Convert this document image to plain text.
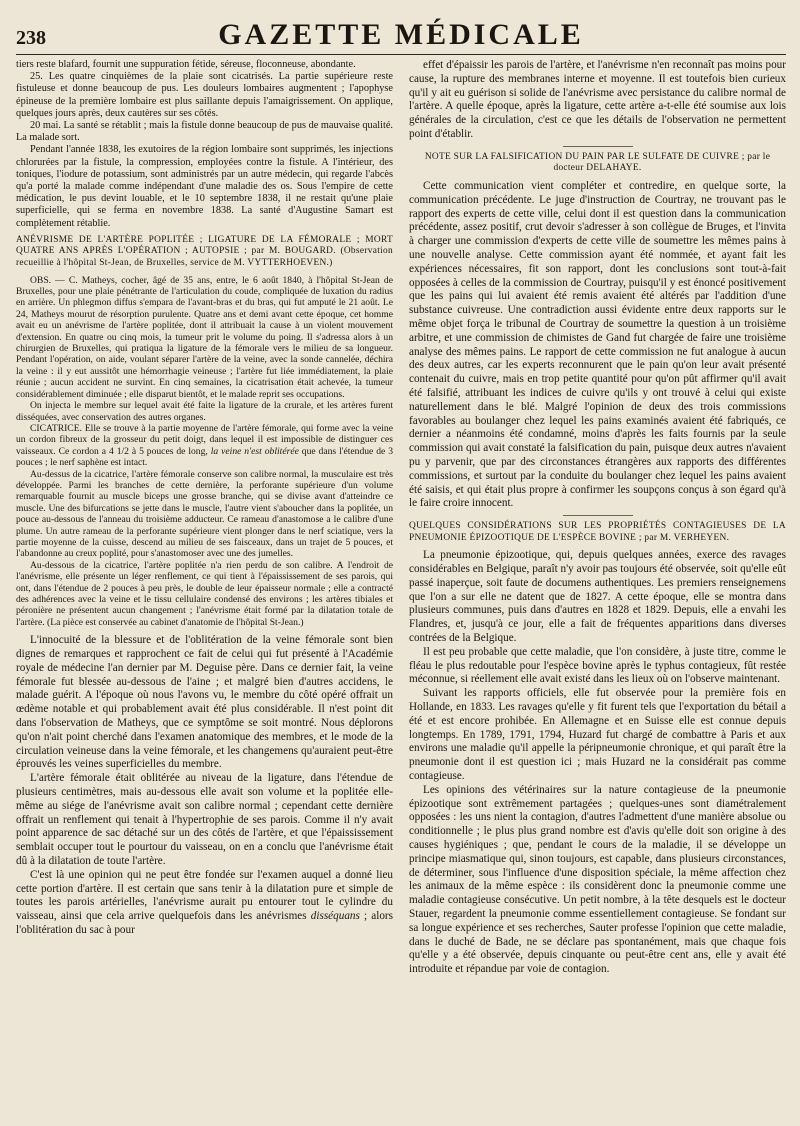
238	GAZETTE MÉDICALE

tiers reste blafard, fournit une suppuration fétide, séreuse, floconneuse, abondante.

25. Les quatre cinquièmes de la plaie sont cicatrisés. La partie supérieure reste fistuleuse et donne beaucoup de pus. Les douleurs lombaires augmentent ; l'apophyse épineuse de la première lombaire est plus saillante depuis l'amaigrissement. On applique, quelques jours après, deux cautères sur ses côtés.

20 mai. La santé se rétablit ; mais la fistule donne beaucoup de pus de mauvaise qualité. La malade sort.

Pendant l'année 1838, les exutoires de la région lombaire sont supprimés, les injections chlorurées par la fistule, la compression, employées contre la fistule. A l'intérieur, des toniques, l'iodure de potassium, sont administrés par un autre médecin, qui regarde l'abcès qu'a porté la malade comme indépendant d'une maladie des os. Sous l'empire de cette médication, le pus devint louable, et le 10 septembre 1838, il ne restait qu'une plaie superficielle, qui se ferma en novembre 1838. La santé d'Augustine Samart est complètement rétablie.

ANÉVRISME DE L'ARTÈRE POPLITÉE ; LIGATURE DE LA FÉMORALE ; MORT QUATRE ANS APRÈS L'OPÉRATION ; AUTOPSIE ; par M. BOUGARD. (Observation recueillie à l'hôpital St-Jean, de Bruxelles, service de M. VYTTERHOEVEN.)

OBS. — C. Matheys, cocher, âgé de 35 ans, entre, le 6 août 1840, à l'hôpital St-Jean de Bruxelles, pour une plaie pénétrante de l'articulation du coude, compliquée de luxation du radius en arrière. Un phlegmon diffus s'empara de l'avant-bras et du bras, qui fut amputé le 21 août. Le 24, Matheys mourut de résorption purulente. Quatre ans et demi avant cette époque, cet homme avait eu un anévrisme de l'artère poplitée, dont il attribuait la cause à un violent mouvement d'extension. En quatre ou cinq mois, la tumeur prit le volume du poing. Il s'adressa alors à un chirurgien de Bruxelles, qui pratiqua la ligature de la fémorale vers le milieu de sa longueur. Pendant l'opération, on aide, voulant séparer l'artère de la veine, avec la sonde cannelée, déchira la veine : il y eut aussitôt une hémorrhagie veineuse ; l'artère fut liée immédiatement, la plaie réunie ; aucun accident ne survint. En cinq semaines, la cicatrisation était achevée, la tumeur considérablement diminuée ; elle disparut bientôt, et le malade reprit ses occupations.

On injecta le membre sur lequel avait été faite la ligature de la crurale, et les artères furent disséquées, avec conservation des autres organes.

CICATRICE. Elle se trouve à la partie moyenne de l'artère fémorale, qui forme avec la veine un cordon fibreux de la grosseur du petit doigt, dans lequel il est impossible de distinguer ces vaisseaux. Ce cordon a 4 1/2 à 5 pouces de long, la veine n'est oblitérée que dans l'étendue de 3 pouces ; le nerf saphène est intact.

Au-dessus de la cicatrice, l'artère fémorale conserve son calibre normal, la musculaire est très développée. Parmi les branches de cette dernière, la perforante supérieure d'un volume remarquable fournit au muscle biceps une grosse branche, qui se divise avant d'atteindre ce muscle. Une des bifurcations se jette dans le muscle, l'autre vient s'aboucher dans la poplitée, un pouce au-dessous de l'anneau du troisième adducteur. Ce rameau d'anastomose a le calibre d'une plume. Un autre rameau de la perforante supérieure vient plonger dans le nerf sciatique, vers la partie moyenne de la cuisse, descend au milieu de ses faisceaux, dans un trajet de 5 pouces, et l'abandonne au creux poplité, pour s'anastomoser avec une des jumelles.

Au-dessous de la cicatrice, l'artère poplitée n'a rien perdu de son calibre. A l'endroit de l'anévrisme, elle présente un léger renflement, ce qui tient à l'épaississement de ses parois, qui ont, dans l'étendue de 2 pouces à peu près, le double de leur épaisseur normale ; elle a contracté des adhérences avec la veine et le tissu cellulaire condensé des environs ; les artères tibiales et péronière ne présentent aucun changement ; l'anévrisme était formé par la dilatation totale de l'artère. (La pièce est conservée au cabinet d'anatomie de l'hôpital St-Jean.)

L'innocuité de la blessure et de l'oblitération de la veine fémorale sont bien dignes de remarques et rapprochent ce fait de celui qui fut présenté à l'Académie royale de médecine l'an dernier par M. Deguise père. Dans ce dernier fait, la veine fémorale fut blessée au-dessous de l'aine ; et malgré bien d'autres accidens, le malade guérit. A l'époque où nous l'avons vu, le membre du côté opéré offrait un œdème notable et qui probablement avait été plus considérable. Il n'est point dit dans l'observation de Matheys, que ce symptôme se soit montré. Nous déplorons qu'on n'ait point cherché dans l'examen anatomique des membres, et le mode de la circulation veineuse dans la veine fémorale, et les changemens qu'auraient peut-être éprouvés les veines superficielles du membre.

L'artère fémorale était oblitérée au niveau de la ligature, dans l'étendue de plusieurs centimètres, mais au-dessous elle avait son volume et la poplitée elle-même au siége de l'anévrisme avait son calibre normal ; cependant cette dernière offrait un renflement qui tenait à l'hypertrophie de ses parois. Comme il n'y avait point apparence de sac détaché sur un des côtés de l'artère, et que l'épaississement semblait occuper tout le pourtour du vaisseau, on en a conclu que l'anévrisme était dû à la dilatation de toute l'artère.

C'est là une opinion qui ne peut être fondée sur l'examen auquel a donné lieu cette portion d'artère. Il est certain que sans tenir à la dilatation pure et simple de toutes les parois artérielles, l'anévrisme aurait pu entourer tout le cylindre du vaisseau, ainsi que cela arrive quelquefois dans les anévrismes disséquans ; alors l'oblitération du sac à pour

effet d'épaissir les parois de l'artère, et l'anévrisme n'en reconnaît pas moins pour cause, la rupture des membranes interne et moyenne. Il est toutefois bien curieux qu'il y ait eu guérison si solide de l'anévrisme avec persistance du calibre normal de l'artère. A quelle époque, après la ligature, cette artère a-t-elle été soumise aux lois générales de la circulation, c'est ce que les détails de l'observation ne permettent point d'établir.

NOTE SUR LA FALSIFICATION DU PAIN PAR LE SULFATE DE CUIVRE ; par le docteur DELAHAYE.

Cette communication vient compléter et contredire, en quelque sorte, la communication précédente. Le juge d'instruction de Courtray, ne trouvant pas le rapport des experts de cette ville, celui dont il est question dans la communication précédente, assez positif, crut devoir s'adresser à son collègue de Bruges, et l'invita à charger une commission d'experts de cette ville de soumettre les mêmes pains à une nouvelle analyse. Cette commission ayant été nommée, et ayant fait les expériences nécessaires, fit son rapport, dont les conclusions sont tout-à-fait opposées à celles de la commission de Courtray, puisqu'il y est énoncé positivement que les pains qui lui avaient été remis avaient été altérés par l'addition d'une substance cuivreuse. Une contradiction aussi évidente entre deux rapports sur le même objet força le tribunal de Courtray de soumettre la question à un troisième arbitre, et une commission de chimistes de Gand fut chargée de faire une troisième analyse des mêmes pains. Le rapport de cette commission ne fut analogue à aucun des deux autres, car les experts reconnurent que le pain qu'on leur avait présenté contenait du cuivre, mais en trop petite quantité pour qu'on pût affirmer qu'il avait été falsifié, attribuant les indices de cuivre qu'ils y ont trouvé à celui qui existe naturellement dans le blé. Malgré l'opinion de deux des trois commissions favorables au boulanger chez lequel les pains examinés avaient été fabriqués, ce dernier a néanmoins été condamné, moins d'après les faits fournis par la seule commission qui avait constaté la falsification du pain, puisque deux autres n'avaient pu y parvenir, que par des circonstances étrangères aux rapports des différentes commissions, et surtout par la conduite du boulanger chez lequel les pains avaient été saisis, et qui était plus propre à confirmer les soupçons conçus à son égard qu'à le faire croire innocent.

QUELQUES CONSIDÉRATIONS SUR LES PROPRIÉTÉS CONTAGIEUSES DE LA PNEUMONIE ÉPIZOOTIQUE DE L'ESPÈCE BOVINE ; par M. VERHEYEN.

La pneumonie épizootique, qui, depuis quelques années, exerce des ravages considérables en Belgique, paraît n'y avoir pas toujours été observée, soit qu'elle eût passé inaperçue, soit faute de documens authentiques. Les premiers renseignemens que l'on a sur elle ne datent que de 1827. A cette époque, elle se montra dans plusieurs communes, puis dans d'autres en 1828 et 1829. Depuis, elle a envahi les Flandres, et, jusqu'à ce jour, elle a fait de fréquentes apparitions dans diverses contrées de la Belgique.

Il est peu probable que cette maladie, que l'on considère, à juste titre, comme le fléau le plus redoutable pour l'espèce bovine après le typhus contagieux, fût restée méconnue, si réellement elle avait existé dans les lieux où on l'observe maintenant.

Suivant les rapports officiels, elle fut observée pour la première fois en Hollande, en 1833. Les ravages qu'elle y fit furent tels que l'exportation du bétail a été et est encore prohibée. En Allemagne et en Suisse elle est connue depuis longtemps. En 1789, 1791, 1794, Huzard fut chargé de combattre à Paris et aux environs une maladie qu'il appelle la péripneumonie chronique, et qui paraît être la pneumonie dont il est question ici ; mais Huzard ne la considérait pas comme contagieuse.

Les opinions des vétérinaires sur la nature contagieuse de la pneumonie épizootique sont extrêmement partagées ; quelques-unes sont diamétralement opposées : les uns nient la contagion, d'autres l'admettent d'une manière absolue ou conditionnelle ; le plus plus grand nombre est d'avis qu'elle doit son origine à des causes hygiéniques ; que, pendant le cours de la maladie, il se développe un principe miasmatique qui, sinon toujours, est capable, dans plusieurs circonstances, de déterminer, sous l'influence d'une disposition spéciale, la même affection chez les animaux de la même espèce : ils considèrent donc la pneumonie comme une maladie contagieuse consécutive. Un petit nombre, à la tête desquels est le docteur Stauer, regardent la pneumonie comme essentiellement contagieuse. Se fondant sur sa longue expérience et ses recherches, Sauter professe l'opinion que cette maladie, dans le duché de Bade, ne se déclare pas spontanément, mais que chaque fois qu'elle y a été observée, depuis cinquante ou peut-être cent ans, elle y avait été introduite et répandue par voie de contagion.
